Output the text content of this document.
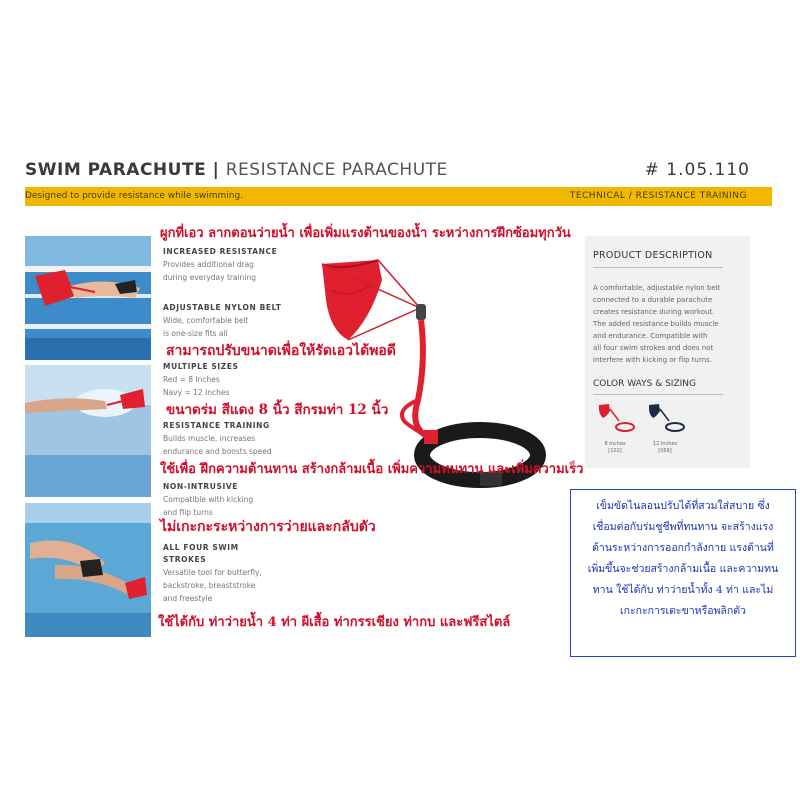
SWIM PARACHUTE | RESISTANCE PARACHUTE	# 1.05.110
Designed to provide resistance while swimming.	TECHNICAL / RESISTANCE TRAINING
INCREASED RESISTANCE
Provides additional drag
during everyday training
ADJUSTABLE NYLON BELT
Wide, comfortable belt
is one-size fits all
MULTIPLE SIZES
Red = 8 Inches
Navy = 12 Inches
RESISTANCE TRAINING
Builds muscle, increases
endurance and boosts speed
NON-INTRUSIVE
Compatible with kicking
and flip turns
ALL FOUR SWIM
STROKES
Versatile tool for butterfly,
backstroke, breaststroke
and freestyle
PRODUCT DESCRIPTION
A comfortable, adjustable nylon belt
connected to a durable parachute
creates resistance during workout.
The added resistance builds muscle
and endurance. Compatible with
all four swim strokes and does not
interfere with kicking or flip turns.
COLOR WAYS & SIZING
8 Inches
[102]
12 Inches
[066]
ผูกที่เอว ลากตอนว่ายน้ำ เพื่อเพิ่มแรงต้านของน้ำ ระหว่างการฝึกซ้อมทุกวัน
สามารถปรับขนาดเพื่อให้รัดเอวได้พอดี
ขนาดร่ม สีแดง 8 นิ้ว สีกรมท่า 12 นิ้ว
ใช้เพื่อ ฝึกความต้านทาน สร้างกล้ามเนื้อ เพิ่มความทนทาน และเพิ่มความเร็ว
ไม่เกะกะระหว่างการว่ายและกลับตัว
ใช้ได้กับ ท่าว่ายน้ำ 4 ท่า ผีเสื้อ ท่ากรรเชียง ท่ากบ และฟรีสไตล์
เข็มขัดไนลอนปรับได้ที่สวมใส่สบาย ซึ่ง
เชื่อมต่อกับร่มชูชีพที่ทนทาน จะสร้างแรง
ต้านระหว่างการออกกำลังกาย แรงต้านที่
เพิ่มขึ้นจะช่วยสร้างกล้ามเนื้อ และความทน
ทาน ใช้ได้กับ ท่าว่ายน้ำทั้ง 4 ท่า และไม่
เกะกะการเตะขาหรือพลิกตัว
